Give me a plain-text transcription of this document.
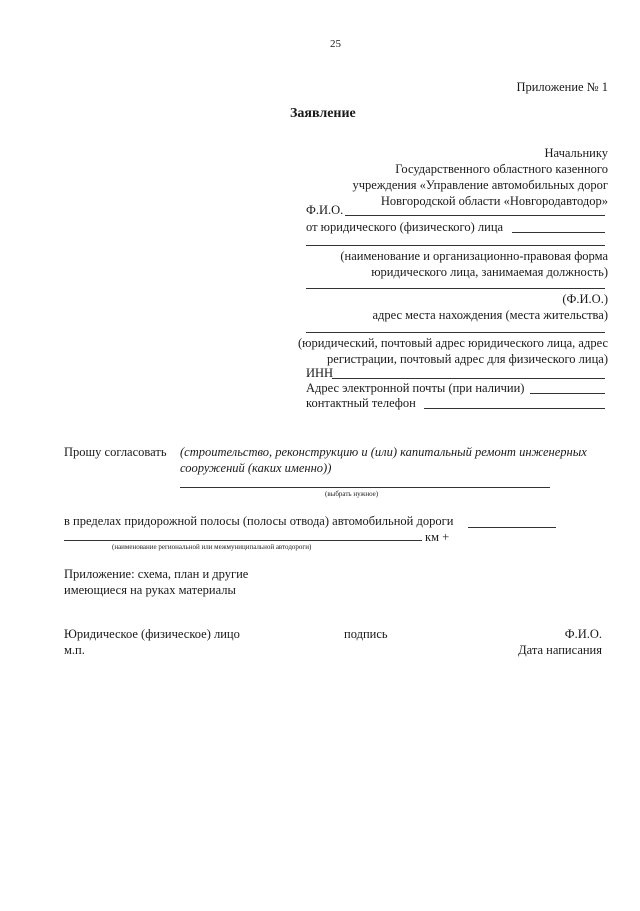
25
Приложение № 1
Заявление
Начальнику
Государственного областного казенного
учреждения «Управление автомобильных дорог
Новгородской области «Новгородавтодор»
Ф.И.О.
от юридического (физического) лица
(наименование и организационно-правовая форма
юридического лица, занимаемая должность)
(Ф.И.О.)
адрес места нахождения (места жительства)
(юридический, почтовый адрес юридического лица, адрес
регистрации, почтовый адрес для физического лица)
ИНН
Адрес электронной почты (при наличии)
контактный телефон
Прошу согласовать (строительство, реконструкцию и (или) капитальный ремонт инженерных
сооружений (каких именно))
(выбрать нужное)
в пределах придорожной полосы (полосы отвода) автомобильной дороги
км +
(наименование региональной или межмуниципальной автодороги)
Приложение: схема, план и другие
имеющиеся на руках материалы
Юридическое (физическое) лицо	подпись	Ф.И.О.
м.п.	Дата написания
